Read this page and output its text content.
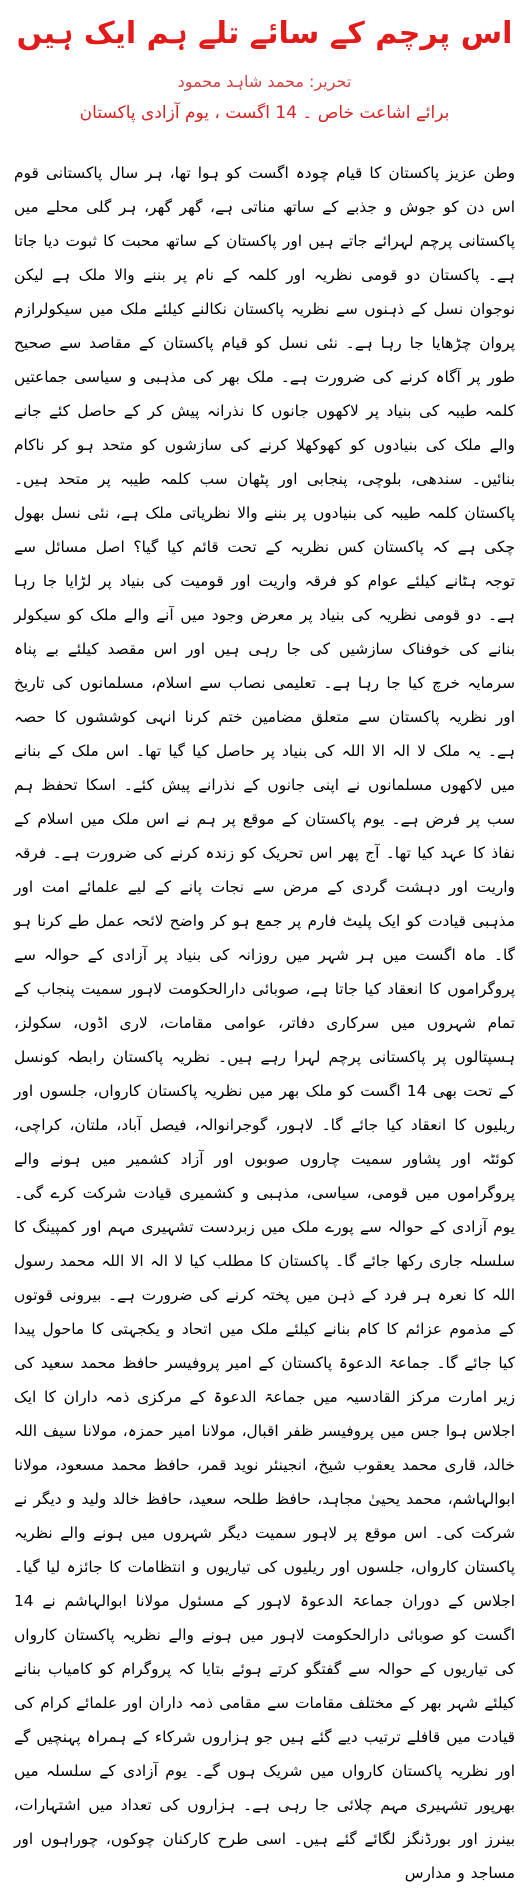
اس پرچم کے سائے تلے ہم ایک ہیں
تحریر: محمد شاہد محمود
برائے اشاعت خاص ۔ 14 اگست ، یوم آزادی پاکستان
وطن عزیز پاکستان کا قیام چودہ اگست کو ہوا تھا، ہر سال پاکستانی قوم اس دن کو جوش و جذبے کے ساتھ مناتی ہے، گھر گھر، ہر گلی محلے میں پاکستانی پرچم لہرائے جاتے ہیں اور پاکستان کے ساتھ محبت کا ثبوت دیا جاتا ہے۔ پاکستان دو قومی نظریہ اور کلمہ کے نام پر بننے والا ملک ہے لیکن نوجوان نسل کے ذہنوں سے نظریہ پاکستان نکالنے کیلئے ملک میں سیکولرازم پروان چڑھایا جا رہا ہے۔ نئی نسل کو قیام پاکستان کے مقاصد سے صحیح طور پر آگاہ کرنے کی ضرورت ہے۔ ملک بھر کی مذہبی و سیاسی جماعتیں کلمہ طیبہ کی بنیاد پر لاکھوں جانوں کا نذرانہ پیش کر کے حاصل کئے جانے والے ملک کی بنیادوں کو کھوکھلا کرنے کی سازشوں کو متحد ہو کر ناکام بنائیں۔ سندھی، بلوچی، پنجابی اور پٹھان سب کلمہ طیبہ پر متحد ہیں۔ پاکستان کلمہ طیبہ کی بنیادوں پر بننے والا نظریاتی ملک ہے، نئی نسل بھول چکی ہے کہ پاکستان کس نظریہ کے تحت قائم کیا گیا؟ اصل مسائل سے توجہ ہٹانے کیلئے عوام کو فرقہ واریت اور قومیت کی بنیاد پر لڑایا جا رہا ہے۔ دو قومی نظریہ کی بنیاد پر معرض وجود میں آنے والے ملک کو سیکولر بنانے کی خوفناک سازشیں کی جا رہی ہیں اور اس مقصد کیلئے بے پناہ سرمایہ خرچ کیا جا رہا ہے۔ تعلیمی نصاب سے اسلام، مسلمانوں کی تاریخ اور نظریہ پاکستان سے متعلق مضامین ختم کرنا انہی کوششوں کا حصہ ہے۔ یہ ملک لا الہ الا اللہ کی بنیاد پر حاصل کیا گیا تھا۔ اس ملک کے بنانے میں لاکھوں مسلمانوں نے اپنی جانوں کے نذرانے پیش کئے۔ اسکا تحفظ ہم سب پر فرض ہے۔ یوم پاکستان کے موقع پر ہم نے اس ملک میں اسلام کے نفاذ کا عہد کیا تھا۔ آج پھر اس تحریک کو زندہ کرنے کی ضرورت ہے۔ فرقہ واریت اور دہشت گردی کے مرض سے نجات پانے کے لیے علمائے امت اور مذہبی قیادت کو ایک پلیٹ فارم پر جمع ہو کر واضح لائحہ عمل طے کرنا ہو گا۔ ماہ اگست میں ہر شہر میں روزانہ کی بنیاد پر آزادی کے حوالہ سے پروگراموں کا انعقاد کیا جاتا ہے، صوبائی دارالحکومت لاہور سمیت پنجاب کے تمام شہروں میں سرکاری دفاتر، عوامی مقامات، لاری اڈوں، سکولز، ہسپتالوں پر پاکستانی پرچم لہرا رہے ہیں۔ نظریہ پاکستان رابطہ کونسل کے تحت بھی 14 اگست کو ملک بھر میں نظریہ پاکستان کارواں، جلسوں اور ریلیوں کا انعقاد کیا جائے گا۔ لاہور، گوجرانوالہ، فیصل آباد، ملتان، کراچی، کوئٹہ اور پشاور سمیت چاروں صوبوں اور آزاد کشمیر میں ہونے والے پروگراموں میں قومی، سیاسی، مذہبی و کشمیری قیادت شرکت کرے گی۔ یوم آزادی کے حوالہ سے پورے ملک میں زبردست تشہیری مہم اور کمپینگ کا سلسلہ جاری رکھا جائے گا۔ پاکستان کا مطلب کیا لا الہ الا اللہ محمد رسول اللہ کا نعرہ ہر فرد کے ذہن میں پختہ کرنے کی ضرورت ہے۔ بیرونی قوتوں کے مذموم عزائم کا کام بنانے کیلئے ملک میں اتحاد و یکجہتی کا ماحول پیدا کیا جائے گا۔ جماعۃ الدعوۃ پاکستان کے امیر پروفیسر حافظ محمد سعید کی زیر امارت مرکز القادسیہ میں جماعۃ الدعوۃ کے مرکزی ذمہ داران کا ایک اجلاس ہوا جس میں پروفیسر ظفر اقبال، مولانا امیر حمزہ، مولانا سیف اللہ خالد، قاری محمد یعقوب شیخ، انجینئر نوید قمر، حافظ محمد مسعود، مولانا ابوالہاشم، محمد یحییٰ مجاہد، حافظ طلحہ سعید، حافظ خالد ولید و دیگر نے شرکت کی۔ اس موقع پر لاہور سمیت دیگر شہروں میں ہونے والے نظریہ پاکستان کارواں، جلسوں اور ریلیوں کی تیاریوں و انتظامات کا جائزہ لیا گیا۔ اجلاس کے دوران جماعۃ الدعوۃ لاہور کے مسئول مولانا ابوالہاشم نے 14 اگست کو صوبائی دارالحکومت لاہور میں ہونے والے نظریہ پاکستان کارواں کی تیاریوں کے حوالہ سے گفتگو کرتے ہوئے بتایا کہ پروگرام کو کامیاب بنانے کیلئے شہر بھر کے مختلف مقامات سے مقامی ذمہ داران اور علمائے کرام کی قیادت میں قافلے ترتیب دیے گئے ہیں جو ہزاروں شرکاء کے ہمراہ پہنچیں گے اور نظریہ پاکستان کارواں میں شریک ہوں گے۔ یوم آزادی کے سلسلہ میں بھرپور تشہیری مہم چلائی جا رہی ہے۔ ہزاروں کی تعداد میں اشتہارات، بینرز اور بورڈنگز لگائے گئے ہیں۔ اسی طرح کارکنان چوکوں، چوراہوں اور مساجد و مدارس
